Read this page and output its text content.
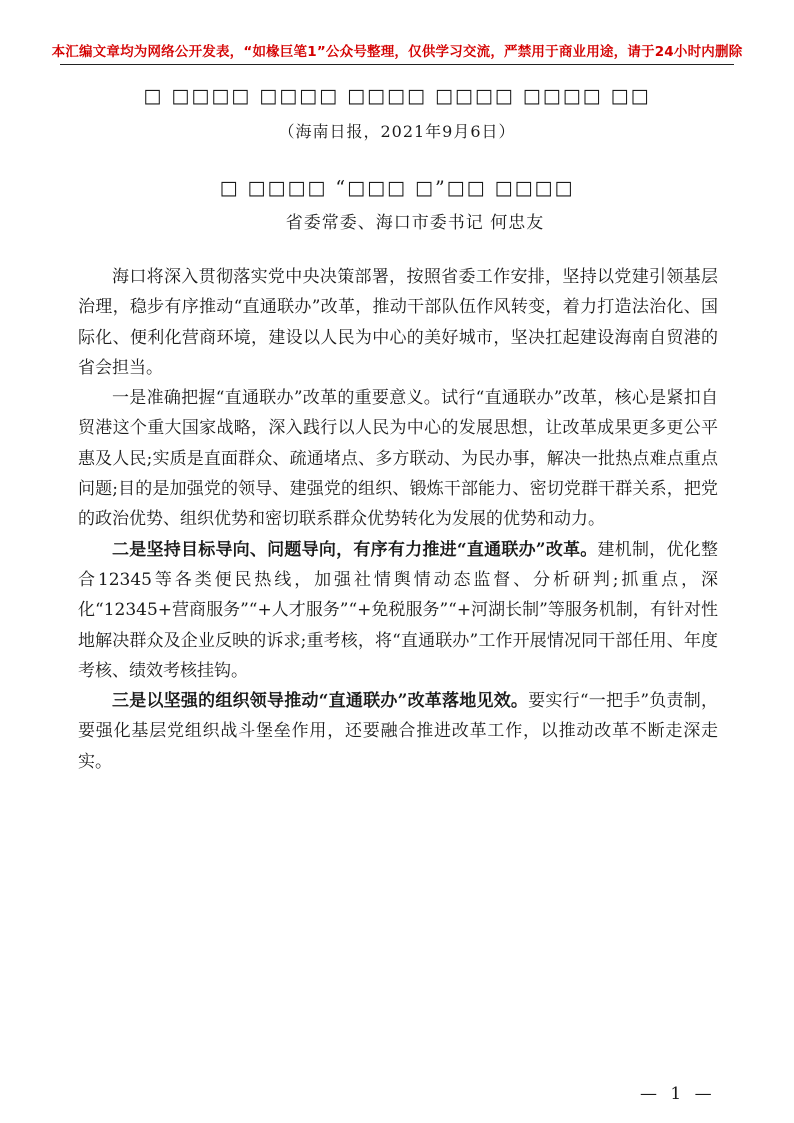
本汇编文章均为网络公开发表，“如椽巨笔1”公众号整理，仅供学习交流，严禁用于商业用途，请于24小时内删除
□ □□□□ □□□□ □□□□ □□□□ □□□□ □□
（海南日报，2021年9月6日）
□ □□□□ “□□□ □”□□ □□□□
省委常委、海口市委书记 何忠友

海口将深入贯彻落实党中央决策部署，按照省委工作安排，坚持以党建引领基层治理，稳步有序推动“直通联办”改革，推动干部队伍作风转变，着力打造法治化、国际化、便利化营商环境，建设以人民为中心的美好城市，坚决扛起建设海南自贸港的省会担当。

一是准确把握“直通联办”改革的重要意义。试行“直通联办”改革，核心是紧扣自贸港这个重大国家战略，深入践行以人民为中心的发展思想，让改革成果更多更公平惠及人民;实质是直面群众、疏通堵点、多方联动、为民办事，解决一批热点难点重点问题;目的是加强党的领导、建强党的组织、锻炼干部能力、密切党群干群关系，把党的政治优势、组织优势和密切联系群众优势转化为发展的优势和动力。

二是坚持目标导向、问题导向，有序有力推进“直通联办”改革。建机制，优化整合12345等各类便民热线，加强社情舆情动态监督、分析研判;抓重点，深化“12345+营商服务”“+人才服务”“+免税服务”“+河湖长制”等服务机制，有针对性地解决群众及企业反映的诉求;重考核，将“直通联办”工作开展情况同干部任用、年度考核、绩效考核挂钩。

三是以坚强的组织领导推动“直通联办”改革落地见效。要实行“一把手”负责制，要强化基层党组织战斗堡垒作用，还要融合推进改革工作，以推动改革不断走深走实。

— 1 —
